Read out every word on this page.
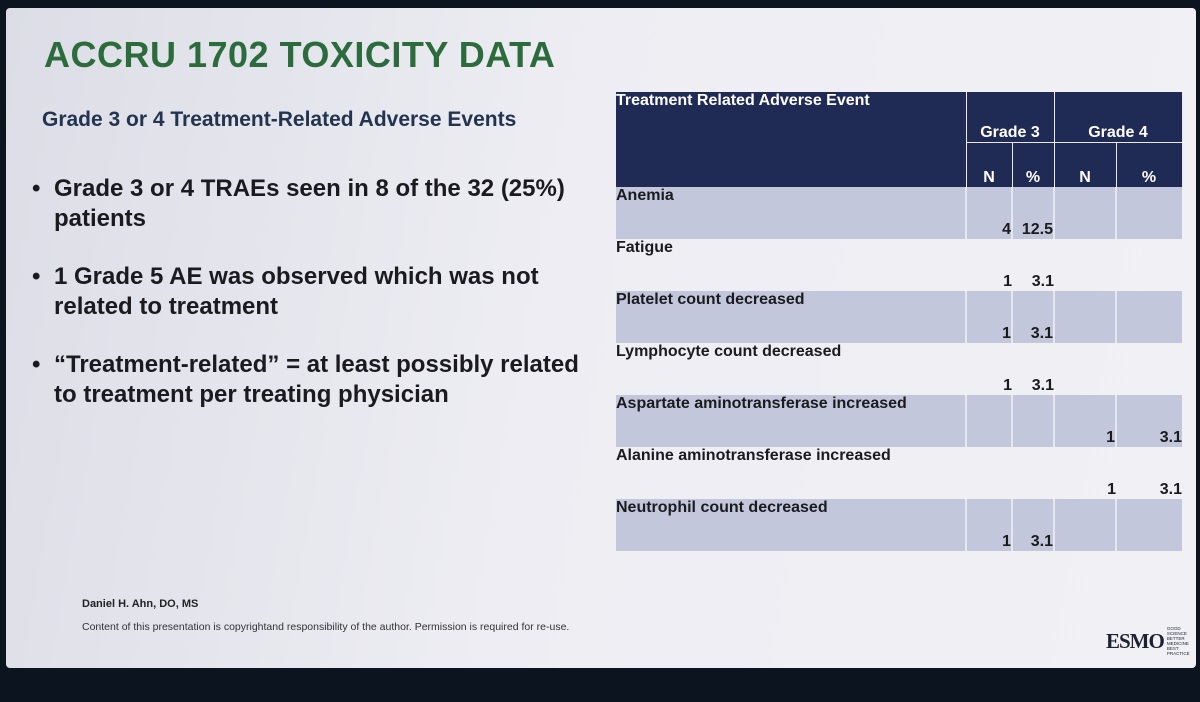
ACCRU 1702 TOXICITY DATA
Grade 3 or 4 Treatment-Related Adverse Events
• Grade 3 or 4 TRAEs seen in 8 of the 32 (25%) patients
• 1 Grade 5 AE was observed which was not related to treatment
• “Treatment-related” = at least possibly related to treatment per treating physician
Treatment Related Adverse Event	Grade 3		Grade 4	
	N	%	N	%
Anemia	4	12.5		
Fatigue	1	3.1		
Platelet count decreased	1	3.1		
Lymphocyte count decreased	1	3.1		
Aspartate aminotransferase increased			1	3.1
Alanine aminotransferase increased			1	3.1
Neutrophil count decreased	1	3.1		
Daniel H. Ahn, DO, MS
Content of this presentation is copyrightand responsibility of the author. Permission is required for re-use.
ESMO GOOD SCIENCE
BETTER MEDICINE
BEST PRACTICE
